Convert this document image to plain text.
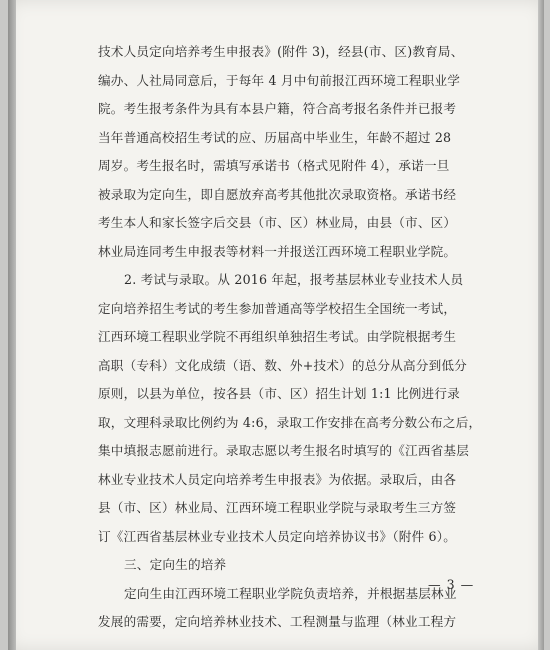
技术人员定向培养考生申报表》(附件 3)，经县(市、区)教育局、
编办、人社局同意后，于每年 4 月中旬前报江西环境工程职业学
院。考生报考条件为具有本县户籍，符合高考报名条件并已报考
当年普通高校招生考试的应、历届高中毕业生，年龄不超过 28
周岁。考生报名时，需填写承诺书（格式见附件 4），承诺一旦
被录取为定向生，即自愿放弃高考其他批次录取资格。承诺书经
考生本人和家长签字后交县（市、区）林业局，由县（市、区）
林业局连同考生申报表等材料一并报送江西环境工程职业学院。
2. 考试与录取。从 2016 年起，报考基层林业专业技术人员
定向培养招生考试的考生参加普通高等学校招生全国统一考试，
江西环境工程职业学院不再组织单独招生考试。由学院根据考生
高职（专科）文化成绩（语、数、外+技术）的总分从高分到低分
原则，以县为单位，按各县（市、区）招生计划 1:1 比例进行录
取，文理科录取比例约为 4:6，录取工作安排在高考分数公布之后，
集中填报志愿前进行。录取志愿以考生报名时填写的《江西省基层
林业专业技术人员定向培养考生申报表》为依据。录取后，由各
县（市、区）林业局、江西环境工程职业学院与录取考生三方签
订《江西省基层林业专业技术人员定向培养协议书》（附件 6）。
三、定向生的培养
定向生由江西环境工程职业学院负责培养，并根据基层林业
发展的需要，定向培养林业技术、工程测量与监理（林业工程方
— 3 —
